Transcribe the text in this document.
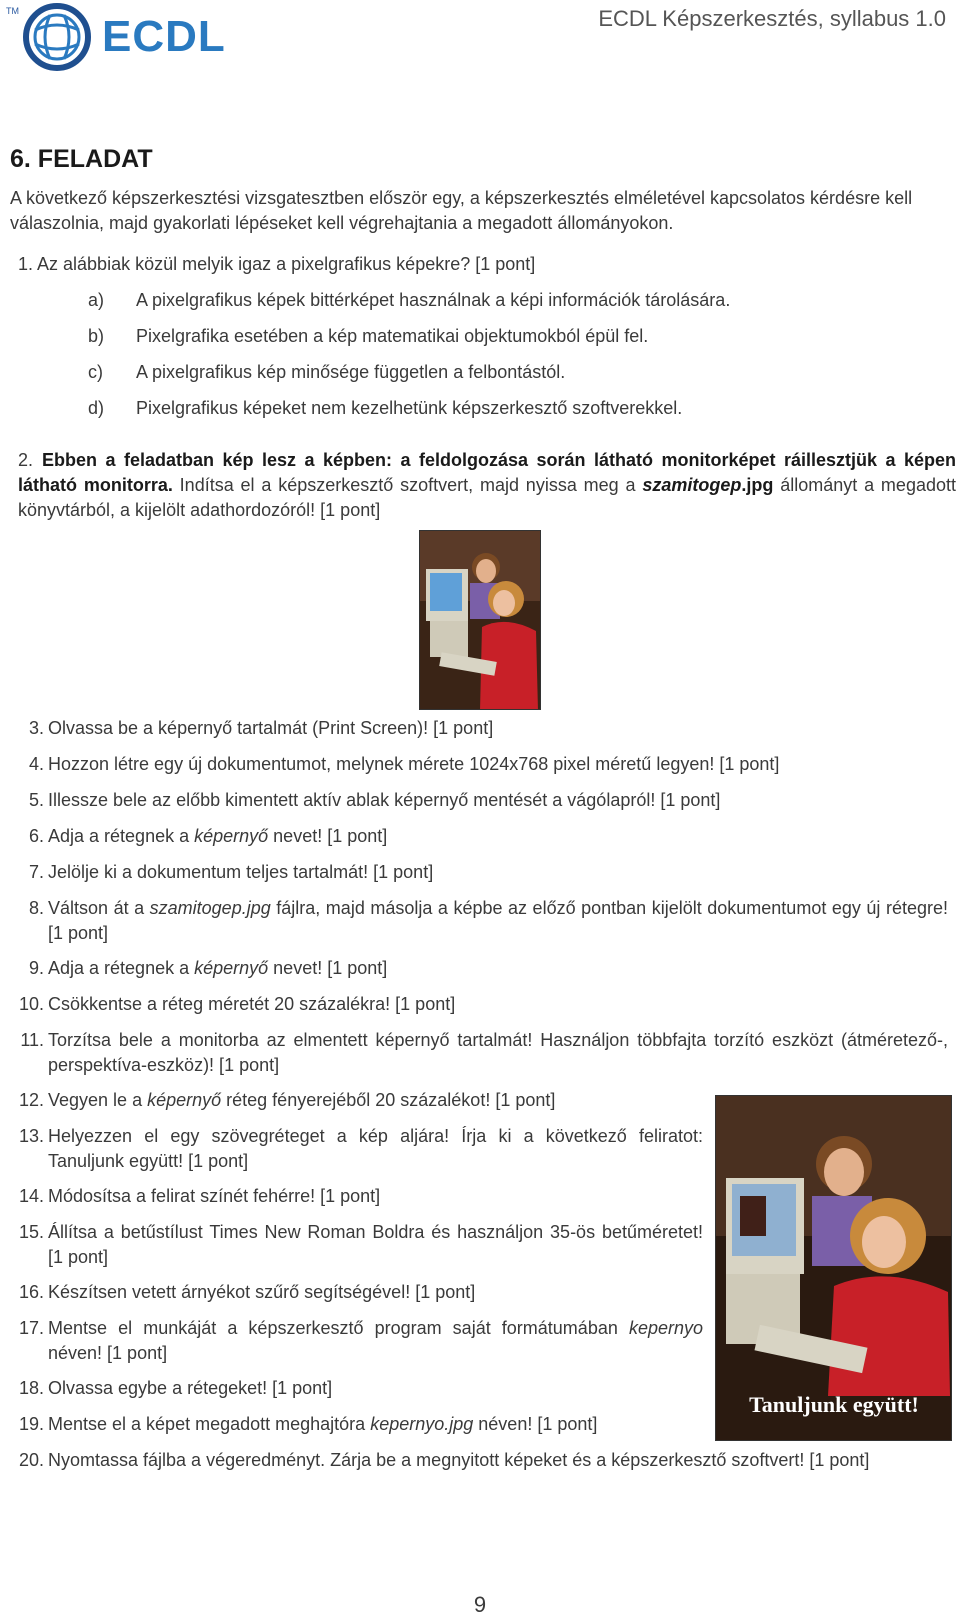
TM
ECDL	ECDL Képszerkesztés, syllabus 1.0
6. FELADAT
A következő képszerkesztési vizsgatesztben először egy, a képszerkesztés elméletével kapcsolatos kérdésre kell válaszolnia, majd gyakorlati lépéseket kell végrehajtania a megadott állományokon.
1. Az alábbiak közül melyik igaz a pixelgrafikus képekre? [1 pont]
a) A pixelgrafikus képek bittérképet használnak a képi információk tárolására.
b) Pixelgrafika esetében a kép matematikai objektumokból épül fel.
c) A pixelgrafikus kép minősége független a felbontástól.
d) Pixelgrafikus képeket nem kezelhetünk képszerkesztő szoftverekkel.
2. Ebben a feladatban kép lesz a képben: a feldolgozása során látható monitorképet ráillesztjük a képen látható monitorra. Indítsa el a képszerkesztő szoftvert, majd nyissa meg a szamitogep.jpg állományt a megadott könyvtárból, a kijelölt adathordozóról! [1 pont]
3. Olvassa be a képernyő tartalmát (Print Screen)! [1 pont]
4. Hozzon létre egy új dokumentumot, melynek mérete 1024x768 pixel méretű legyen! [1 pont]
5. Illessze bele az előbb kimentett aktív ablak képernyő mentését a vágólapról! [1 pont]
6. Adja a rétegnek a képernyő nevet! [1 pont]
7. Jelölje ki a dokumentum teljes tartalmát! [1 pont]
8. Váltson át a szamitogep.jpg fájlra, majd másolja a képbe az előző pontban kijelölt dokumentumot egy új rétegre! [1 pont]
9. Adja a rétegnek a képernyő nevet! [1 pont]
10. Csökkentse a réteg méretét 20 százalékra! [1 pont]
11. Torzítsa bele a monitorba az elmentett képernyő tartalmát! Használjon többfajta torzító eszközt (átméretező-, perspektíva-eszköz)! [1 pont]
12. Vegyen le a képernyő réteg fényerejéből 20 százalékot! [1 pont]
13. Helyezzen el egy szövegréteget a kép aljára! Írja ki a következő feliratot: Tanuljunk együtt! [1 pont]
14. Módosítsa a felirat színét fehérre! [1 pont]
15. Állítsa a betűstílust Times New Roman Boldra és használjon 35-ös betűméretet! [1 pont]
16. Készítsen vetett árnyékot szűrő segítségével! [1 pont]
17. Mentse el munkáját a képszerkesztő program saját formátumában kepernyo néven! [1 pont]
18. Olvassa egybe a rétegeket! [1 pont]
19. Mentse el a képet megadott meghajtóra kepernyo.jpg néven! [1 pont]
20. Nyomtassa fájlba a végeredményt. Zárja be a megnyitott képeket és a képszerkesztő szoftvert! [1 pont]
Tanuljunk együtt!
9
